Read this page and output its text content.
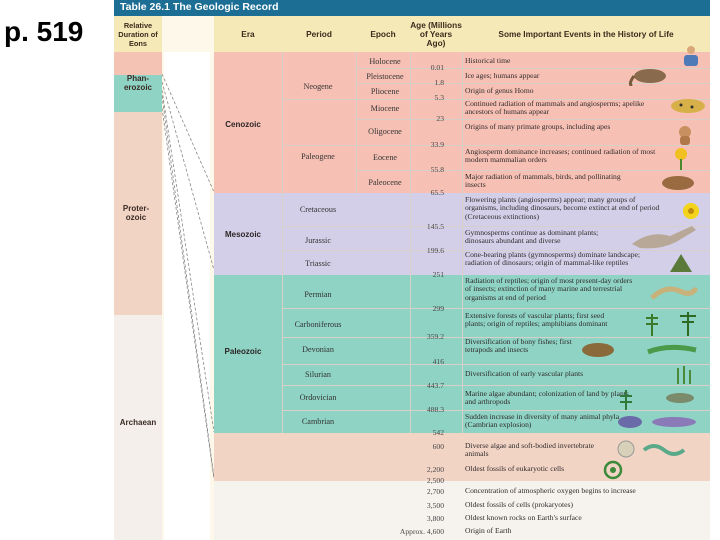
p. 519
Table 26.1 The Geologic Record
Relative Duration of Eons
Era	Period	Epoch
Age (Millions of Years Ago)
Some Important Events in the History of Life
Phan-erozoic
Proter-ozoic
Archaean
Cenozoic
Mesozoic
Paleozoic
Neogene
Paleogene
Cretaceous
Jurassic
Triassic
Permian
Carboniferous
Devonian
Silurian
Ordovician
Cambrian
Holocene
Pleistocene
Pliocene
Miocene
Oligocene
Eocene
Paleocene
0.01
1.8
5.3
23
33.9
55.8
65.5
145.5
199.6
251
299
359.2
416
443.7
488.3
542
600
2,200
2,500
2,700
3,500
3,800
Approx. 4,600
Historical time
Ice ages; humans appear
Origin of genus Homo
Continued radiation of mammals and angiosperms; apelike ancestors of humans appear
Origins of many primate groups, including apes
Angiosperm dominance increases; continued radiation of most modern mammalian orders
Major radiation of mammals, birds, and pollinating insects
Flowering plants (angiosperms) appear; many groups of organisms, including dinosaurs, become extinct at end of period (Cretaceous extinctions)
Gymnosperms continue as dominant plants; dinosaurs abundant and diverse
Cone-bearing plants (gymnosperms) dominate landscape; radiation of dinosaurs; origin of mammal-like reptiles
Radiation of reptiles; origin of most present-day orders of insects; extinction of many marine and terrestrial organisms at end of period
Extensive forests of vascular plants; first seed plants; origin of reptiles; amphibians dominant
Diversification of bony fishes; first tetrapods and insects
Diversification of early vascular plants
Marine algae abundant; colonization of land by plants and arthropods
Sudden increase in diversity of many animal phyla (Cambrian explosion)
Diverse algae and soft-bodied invertebrate animals
Oldest fossils of eukaryotic cells
Concentration of atmospheric oxygen begins to increase
Oldest fossils of cells (prokaryotes)
Oldest known rocks on Earth's surface
Origin of Earth
